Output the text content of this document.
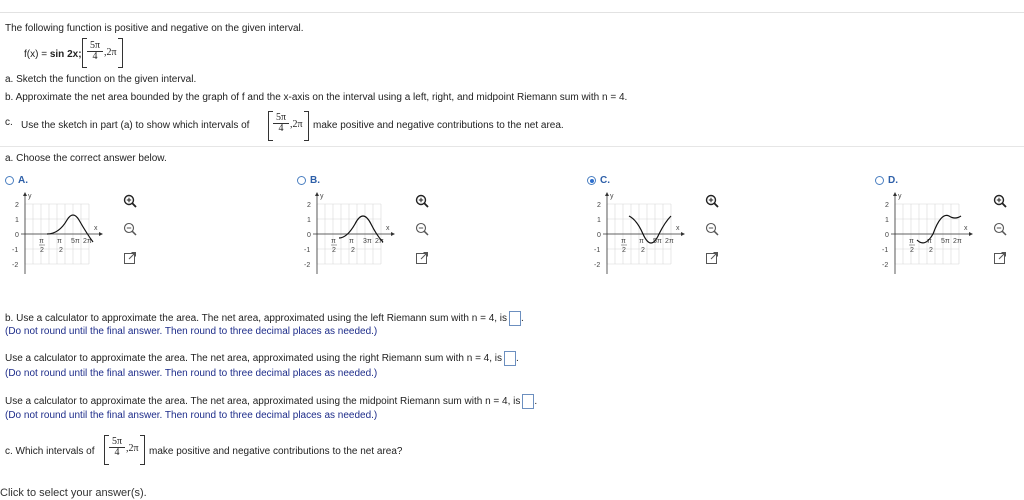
The following function is positive and negative on the given interval.
f(x) = sin 2x; $\frac{5\pi}{4} ,2\pi$
a. Sketch the function on the given interval.
b. Approximate the net area bounded by the graph of f and the x-axis on the interval using a left, right, and midpoint Riemann sum with n = 4.
c. Use the sketch in part (a) to show which intervals of $\frac{5\pi}{4} ,2\pi$ make positive and negative contributions to the net area.
a. Choose the correct answer below.
A.
y
x
2
1
0
-1
-2
π
2
π
2
5π 2π
B.
y
x
2
1
0
-1
-2
π
2
π
2
3π 2π
C.
y
x
2
1
0
-1
-2
π
2
π
2
5π 2π
D.
y
x
2
1
0
-1
-2
π
2
π
2
5π 2π
b. Use a calculator to approximate the area. The net area, approximated using the left Riemann sum with n = 4, is .
(Do not round until the final answer. Then round to three decimal places as needed.)
Use a calculator to approximate the area. The net area, approximated using the right Riemann sum with n = 4, is .
(Do not round until the final answer. Then round to three decimal places as needed.)
Use a calculator to approximate the area. The net area, approximated using the midpoint Riemann sum with n = 4, is .
(Do not round until the final answer. Then round to three decimal places as needed.)
c. Which intervals of $\frac{5\pi}{4} ,2\pi$ make positive and negative contributions to the net area?
Click to select your answer(s).
